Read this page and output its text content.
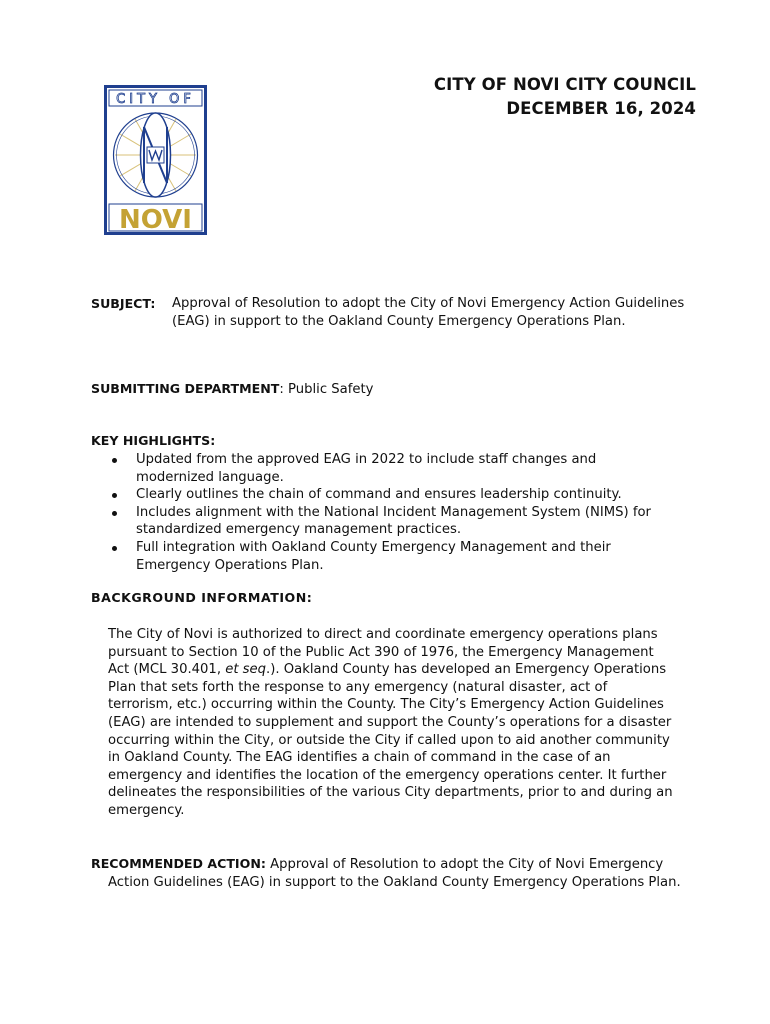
CITY OF
NOVI
CITY OF NOVI CITY COUNCIL
DECEMBER 16, 2024
SUBJECT: Approval of Resolution to adopt the City of Novi Emergency Action Guidelines (EAG) in support to the Oakland County Emergency Operations Plan.
SUBMITTING DEPARTMENT: Public Safety
KEY HIGHLIGHTS:
Updated from the approved EAG in 2022 to include staff changes and modernized language.
Clearly outlines the chain of command and ensures leadership continuity.
Includes alignment with the National Incident Management System (NIMS) for standardized emergency management practices.
Full integration with Oakland County Emergency Management and their Emergency Operations Plan.
BACKGROUND INFORMATION:
The City of Novi is authorized to direct and coordinate emergency operations plans pursuant to Section 10 of the Public Act 390 of 1976, the Emergency Management Act (MCL 30.401, et seq.). Oakland County has developed an Emergency Operations Plan that sets forth the response to any emergency (natural disaster, act of terrorism, etc.) occurring within the County. The City’s Emergency Action Guidelines (EAG) are intended to supplement and support the County’s operations for a disaster occurring within the City, or outside the City if called upon to aid another community in Oakland County. The EAG identifies a chain of command in the case of an emergency and identifies the location of the emergency operations center. It further delineates the responsibilities of the various City departments, prior to and during an emergency.
RECOMMENDED ACTION: Approval of Resolution to adopt the City of Novi Emergency
Action Guidelines (EAG) in support to the Oakland County Emergency Operations Plan.
